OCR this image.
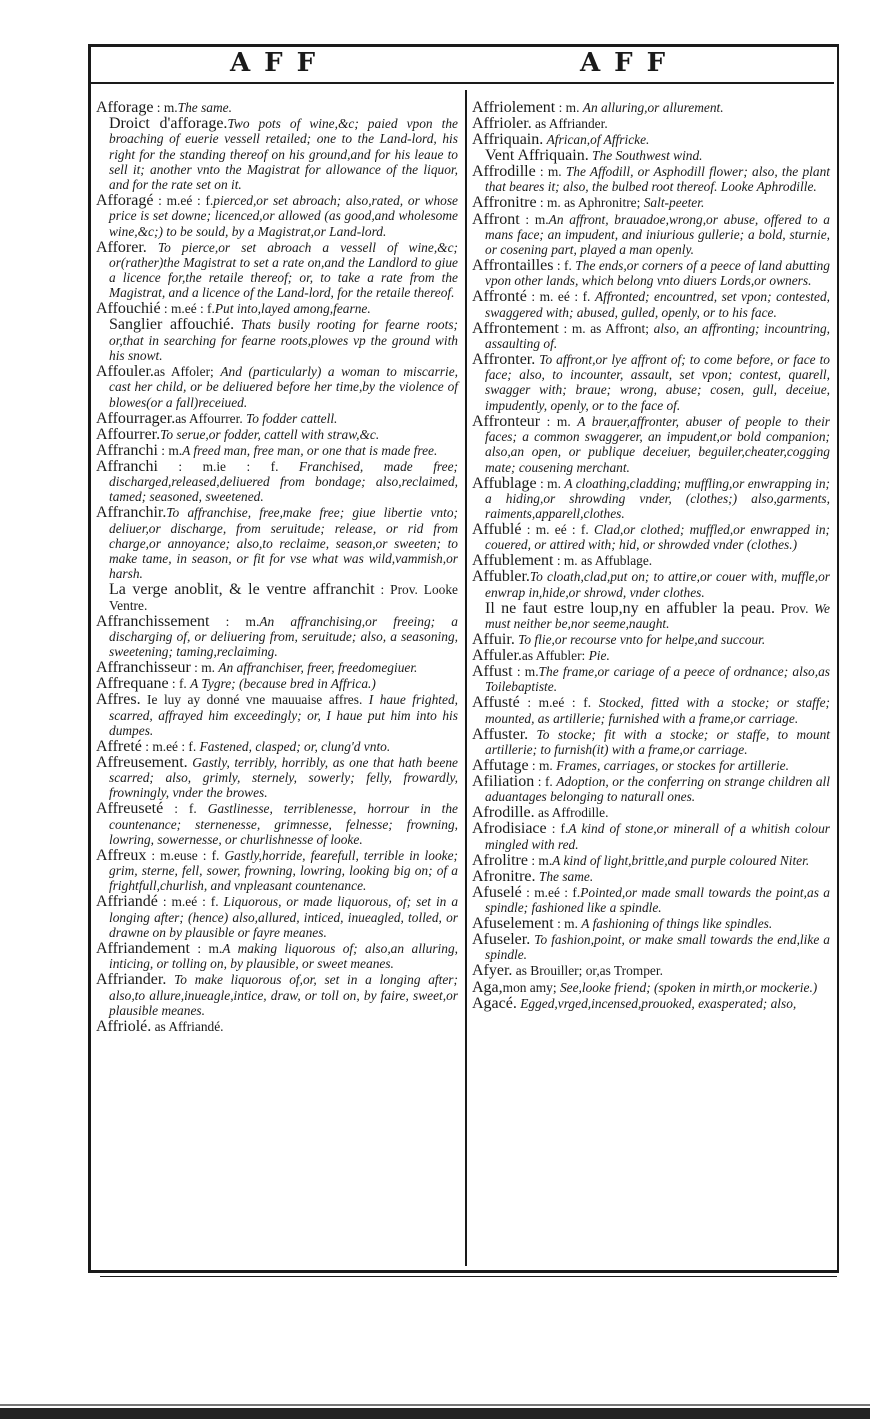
AFF	AFF
Afforage : m.The same.
Droict d'afforage.Two pots of wine,&c; paied vpon the broaching of euerie vessell retailed; one to the Land-lord, his right for the standing thereof on his ground,and for his leaue to sell it; another vnto the Magistrat for allowance of the liquor, and for the rate set on it.
Afforagé : m.eé : f.pierced,or set abroach; also,rated, or whose price is set downe; licenced,or allowed (as good,and wholesome wine,&c;) to be sould, by a Magistrat,or Land-lord.
Afforer. To pierce,or set abroach a vessell of wine,&c; or(rather)the Magistrat to set a rate on,and the Landlord to giue a licence for,the retaile thereof; or, to take a rate from the Magistrat, and a licence of the Land-lord, for the retaile thereof.
Affouchié : m.eé : f.Put into,layed among,fearne.
Sanglier affouchié. Thats busily rooting for fearne roots; or,that in searching for fearne roots,plowes vp the ground with his snowt.
Affouler.as Affoler; And (particularly) a woman to miscarrie, cast her child, or be deliuered before her time,by the violence of blowes(or a fall)receiued.
Affourrager.as Affourrer. To fodder cattell.
Affourrer.To serue,or fodder, cattell with straw,&c.
Affranchi : m.A freed man, free man, or one that is made free.
Affranchi : m.ie : f. Franchised, made free; discharged,released,deliuered from bondage; also,reclaimed, tamed; seasoned, sweetened.
Affranchir.To affranchise, free,make free; giue libertie vnto; deliuer,or discharge, from seruitude; release, or rid from charge,or annoyance; also,to reclaime, season,or sweeten; to make tame, in season, or fit for vse what was wild,vammish,or harsh.
La verge anoblit, & le ventre affranchit : Prov. Looke Ventre.
Affranchissement : m.An affranchising,or freeing; a discharging of, or deliuering from, seruitude; also, a seasoning, sweetening; taming,reclaiming.
Affranchisseur : m. An affranchiser, freer, freedomegiuer.
Affrequane : f. A Tygre; (because bred in Affrica.)
Affres. Ie luy ay donné vne mauuaise affres. I haue frighted, scarred, affrayed him exceedingly; or, I haue put him into his dumpes.
Affreté : m.eé : f. Fastened, clasped; or, clung'd vnto.
Affreusement. Gastly, terribly, horribly, as one that hath beene scarred; also, grimly, sternely, sowerly; felly, frowardly, frowningly, vnder the browes.
Affreuseté : f. Gastlinesse, terriblenesse, horrour in the countenance; sternenesse, grimnesse, felnesse; frowning, lowring, sowernesse, or churlishnesse of looke.
Affreux : m.euse : f. Gastly,horride, fearefull, terrible in looke; grim, sterne, fell, sower, frowning, lowring, looking big on; of a frightfull,churlish, and vnpleasant countenance.
Affriandé : m.eé : f. Liquorous, or made liquorous, of; set in a longing after; (hence) also,allured, inticed, inueagled, tolled, or drawne on by plausible or fayre meanes.
Affriandement : m.A making liquorous of; also,an alluring, inticing, or tolling on, by plausible, or sweet meanes.
Affriander. To make liquorous of,or, set in a longing after; also,to allure,inueagle,intice, draw, or toll on, by faire, sweet,or plausible meanes.
Affriolé. as Affriandé.
Affriolement : m. An alluring,or allurement.
Affrioler. as Affriander.
Affriquain. African,of Affricke.
Vent Affriquain. The Southwest wind.
Affrodille : m. The Affodill, or Asphodill flower; also, the plant that beares it; also, the bulbed root thereof. Looke Aphrodille.
Affronitre : m. as Aphronitre; Salt-peeter.
Affront : m.An affront, brauadoe,wrong,or abuse, offered to a mans face; an impudent, and iniurious gullerie; a bold, sturnie, or cosening part, played a man openly.
Affrontailles : f. The ends,or corners of a peece of land abutting vpon other lands, which belong vnto diuers Lords,or owners.
Affronté : m. eé : f. Affronted; encountred, set vpon; contested, swaggered with; abused, gulled, openly, or to his face.
Affrontement : m. as Affront; also, an affronting; incountring, assaulting of.
Affronter. To affront,or lye affront of; to come before, or face to face; also, to incounter, assault, set vpon; contest, quarell, swagger with; braue; wrong, abuse; cosen, gull, deceiue, impudently, openly, or to the face of.
Affronteur : m. A brauer,affronter, abuser of people to their faces; a common swaggerer, an impudent,or bold companion; also,an open, or publique deceiuer, beguiler,cheater,cogging mate; cousening merchant.
Affublage : m. A cloathing,cladding; muffling,or enwrapping in; a hiding,or shrowding vnder, (clothes;) also,garments, raiments,apparell,clothes.
Affublé : m. eé : f. Clad,or clothed; muffled,or enwrapped in; couered, or attired with; hid, or shrowded vnder (clothes.)
Affublement : m. as Affublage.
Affubler.To cloath,clad,put on; to attire,or couer with, muffle,or enwrap in,hide,or shrowd, vnder clothes.
Il ne faut estre loup,ny en affubler la peau. Prov. We must neither be,nor seeme,naught.
Affuir. To flie,or recourse vnto for helpe,and succour.
Affuler.as Affubler: Pie.
Affust : m.The frame,or cariage of a peece of ordnance; also,as Toilebaptiste.
Affusté : m.eé : f. Stocked, fitted with a stocke; or staffe; mounted, as artillerie; furnished with a frame,or carriage.
Affuster. To stocke; fit with a stocke; or staffe, to mount artillerie; to furnish(it) with a frame,or carriage.
Affutage : m. Frames, carriages, or stockes for artillerie.
Afiliation : f. Adoption, or the conferring on strange children all aduantages belonging to naturall ones.
Afrodille. as Affrodille.
Afrodisiace : f.A kind of stone,or minerall of a whitish colour mingled with red.
Afrolitre : m.A kind of light,brittle,and purple coloured Niter.
Afronitre. The same.
Afuselé : m.eé : f.Pointed,or made small towards the point,as a spindle; fashioned like a spindle.
Afuselement : m. A fashioning of things like spindles.
Afuseler. To fashion,point, or make small towards the end,like a spindle.
Afyer. as Brouiller; or,as Tromper.
Aga,mon amy; See,looke friend; (spoken in mirth,or mockerie.)
Agacé. Egged,vrged,incensed,prouoked, exasperated; also,
